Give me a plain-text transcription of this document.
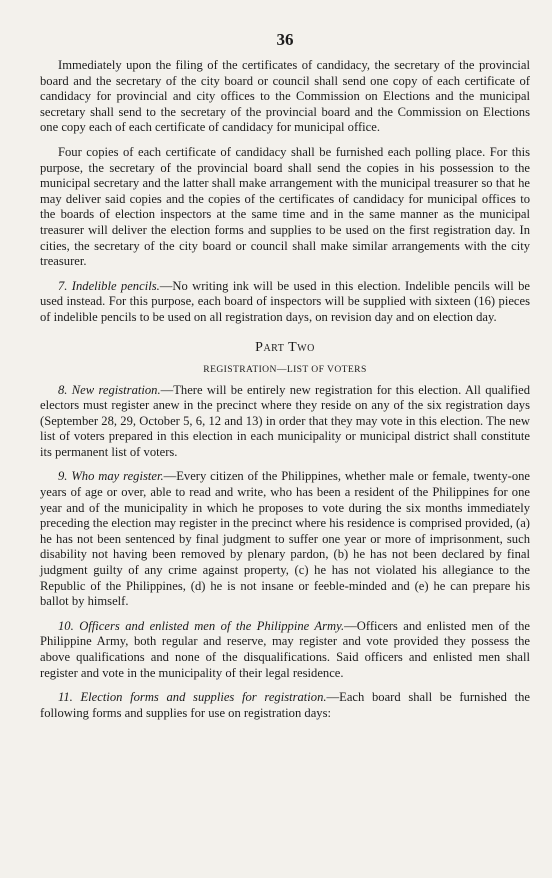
36

Immediately upon the filing of the certificates of candidacy, the secretary of the provincial board and the secretary of the city board or council shall send one copy of each certificate of candidacy for provincial and city offices to the Commission on Elections and the municipal secretary shall send to the secretary of the provincial board and the Commission on Elections one copy each of each certificate of candidacy for municipal office.

Four copies of each certificate of candidacy shall be furnished each polling place. For this purpose, the secretary of the provincial board shall send the copies in his possession to the municipal secretary and the latter shall make arrangement with the municipal treasurer so that he may deliver said copies and the copies of the certificates of candidacy for municipal offices to the boards of election inspectors at the same time and in the same manner as the municipal treasurer will deliver the election forms and supplies to be used on the first registration day. In cities, the secretary of the city board or council shall make similar arrangements with the city treasurer.

7. Indelible pencils.—No writing ink will be used in this election. Indelible pencils will be used instead. For this purpose, each board of inspectors will be supplied with sixteen (16) pieces of indelible pencils to be used on all registration days, on revision day and on election day.

Part Two
REGISTRATION—LIST OF VOTERS

8. New registration.—There will be entirely new registration for this election. All qualified electors must register anew in the precinct where they reside on any of the six registration days (September 28, 29, October 5, 6, 12 and 13) in order that they may vote in this election. The new list of voters prepared in this election in each municipality or municipal district shall constitute its permanent list of voters.

9. Who may register.—Every citizen of the Philippines, whether male or female, twenty-one years of age or over, able to read and write, who has been a resident of the Philippines for one year and of the municipality in which he proposes to vote during the six months immediately preceding the election may register in the precinct where his residence is comprised provided, (a) he has not been sentenced by final judgment to suffer one year or more of imprisonment, such disability not having been removed by plenary pardon, (b) he has not been declared by final judgment guilty of any crime against property, (c) he has not violated his allegiance to the Republic of the Philippines, (d) he is not insane or feeble-minded and (e) he can prepare his ballot by himself.

10. Officers and enlisted men of the Philippine Army.—Officers and enlisted men of the Philippine Army, both regular and reserve, may register and vote provided they possess the above qualifications and none of the disqualifications. Said officers and enlisted men shall register and vote in the municipality of their legal residence.

11. Election forms and supplies for registration.—Each board shall be furnished the following forms and supplies for use on registration days:
